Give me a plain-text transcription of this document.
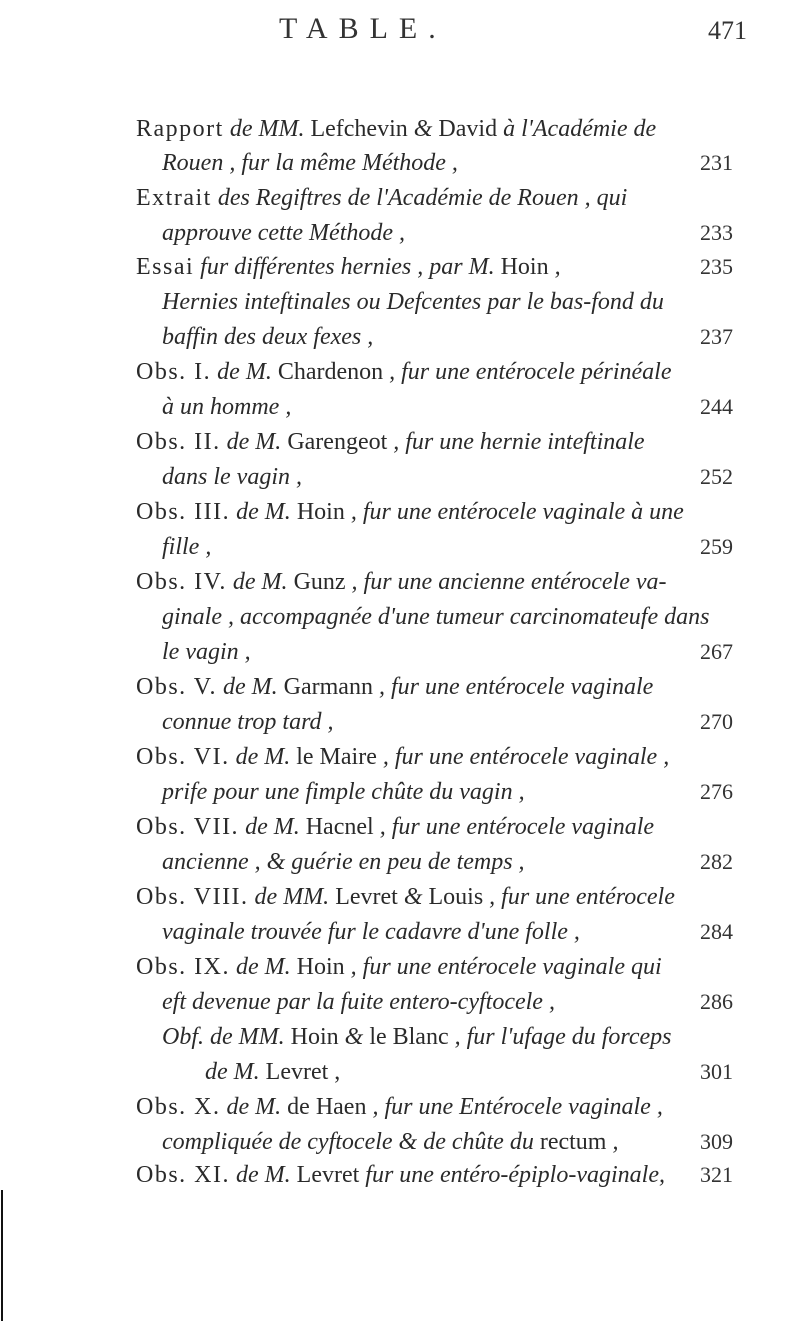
TABLE.	471
Rapport de MM. Lefchevin & David à l'Académie de
Rouen , fur la même Méthode ,	231
Extrait des Regiftres de l'Académie de Rouen , qui
approuve cette Méthode ,	233
Essai fur différentes hernies , par M. Hoin ,	235
Hernies inteftinales ou Defcentes par le bas-fond du
baffin des deux fexes ,	237
Obs. I. de M. Chardenon , fur une entérocele périnéale
à un homme ,	244
Obs. II. de M. Garengeot , fur une hernie inteftinale
dans le vagin ,	252
Obs. III. de M. Hoin , fur une entérocele vaginale à une
fille ,	259
Obs. IV. de M. Gunz , fur une ancienne entérocele va-
ginale , accompagnée d'une tumeur carcinomateufe dans
le vagin ,	267
Obs. V. de M. Garmann , fur une entérocele vaginale
connue trop tard ,	270
Obs. VI. de M. le Maire , fur une entérocele vaginale ,
prife pour une fimple chûte du vagin ,	276
Obs. VII. de M. Hacnel , fur une entérocele vaginale
ancienne , & guérie en peu de temps ,	282
Obs. VIII. de MM. Levret & Louis , fur une entérocele
vaginale trouvée fur le cadavre d'une folle ,	284
Obs. IX. de M. Hoin , fur une entérocele vaginale qui
eft devenue par la fuite entero-cyftocele ,	286
Obf. de MM. Hoin & le Blanc , fur l'ufage du forceps
de M. Levret ,	301
Obs. X. de M. de Haen , fur une Entérocele vaginale ,
compliquée de cyftocele & de chûte du rectum ,	309
Obs. XI. de M. Levret fur une entéro-épiplo-vaginale, 321
